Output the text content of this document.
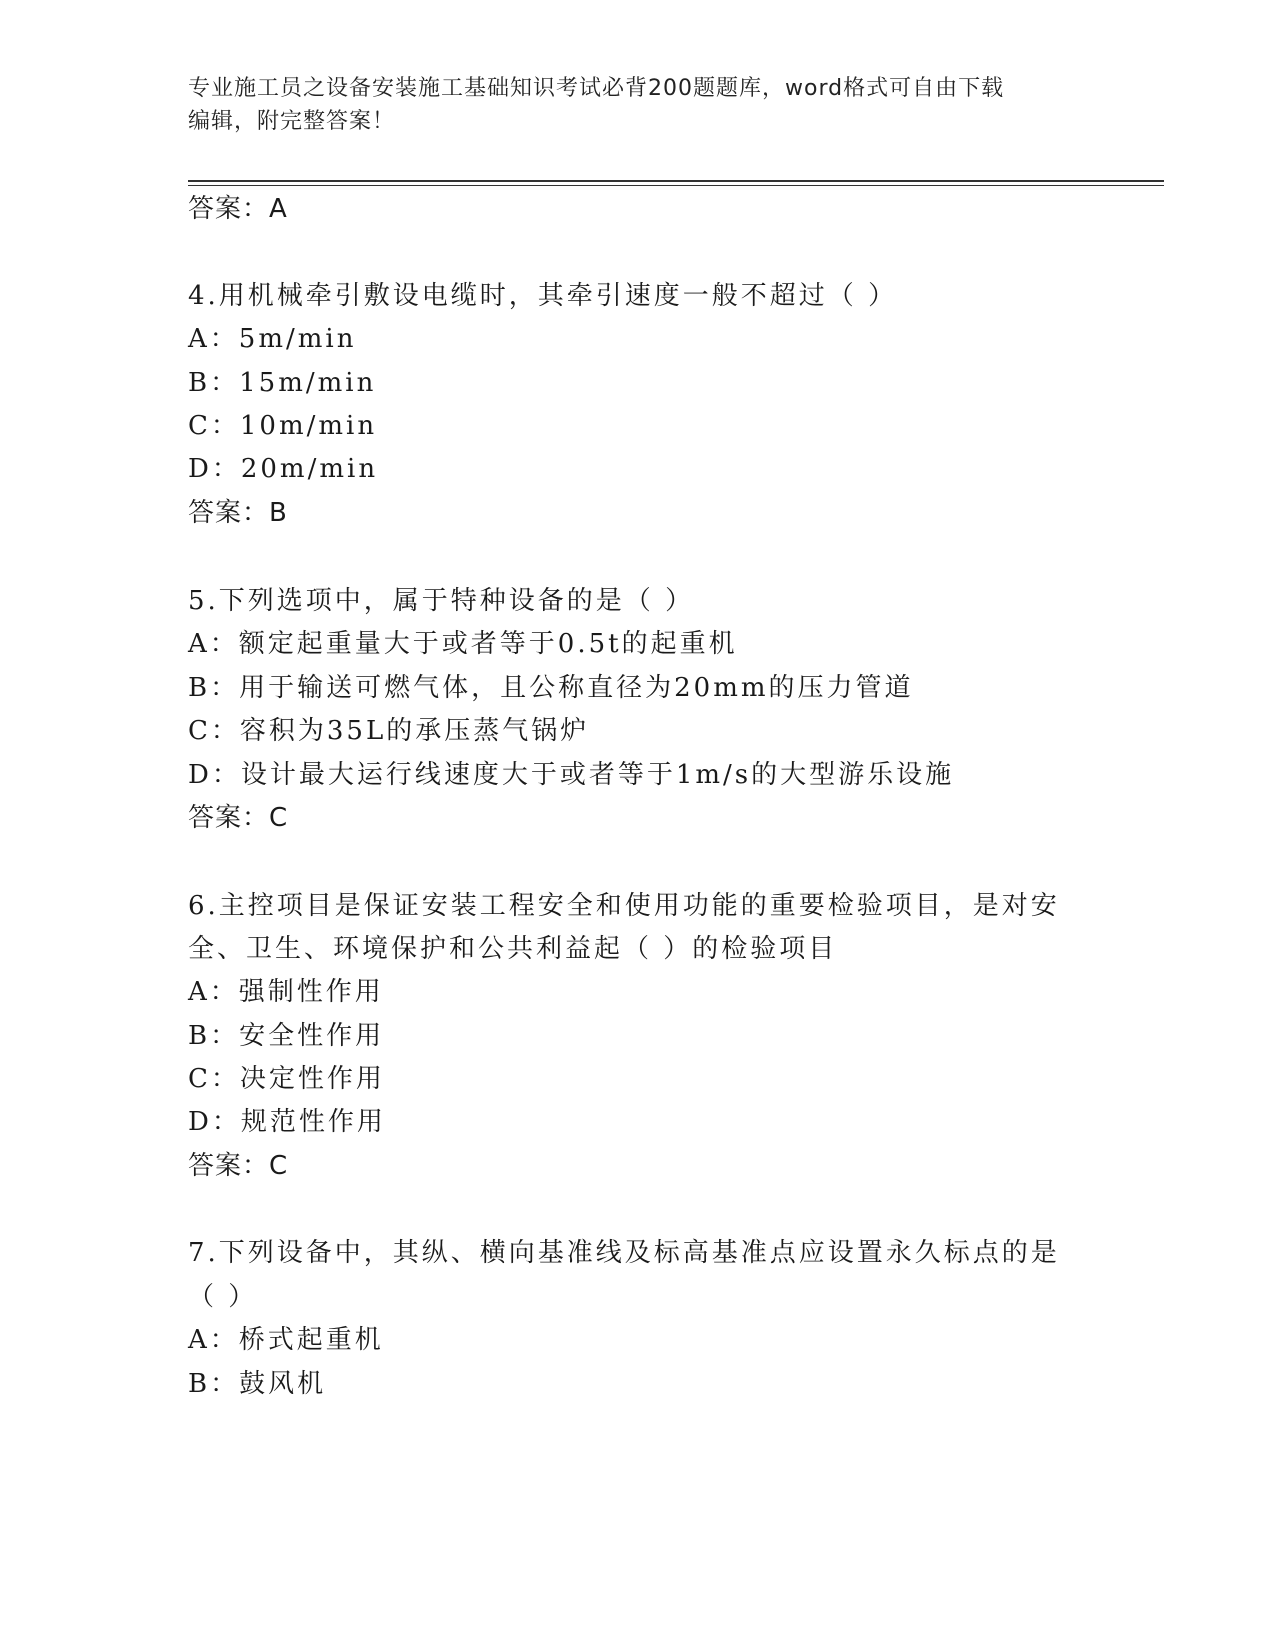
专业施工员之设备安装施工基础知识考试必背200题题库，word格式可自由下载
编辑，附完整答案！
答案：A
4.用机械牵引敷设电缆时，其牵引速度一般不超过（ ）
A：5m/min
B：15m/min
C：10m/min
D：20m/min
答案：B
5.下列选项中，属于特种设备的是（ ）
A：额定起重量大于或者等于0.5t的起重机
B：用于输送可燃气体，且公称直径为20mm的压力管道
C：容积为35L的承压蒸气锅炉
D：设计最大运行线速度大于或者等于1m/s的大型游乐设施
答案：C
6.主控项目是保证安装工程安全和使用功能的重要检验项目，是对安
全、卫生、环境保护和公共利益起（ ）的检验项目
A：强制性作用
B：安全性作用
C：决定性作用
D：规范性作用
答案：C
7.下列设备中，其纵、横向基准线及标高基准点应设置永久标点的是
（ ）
A：桥式起重机
B：鼓风机
